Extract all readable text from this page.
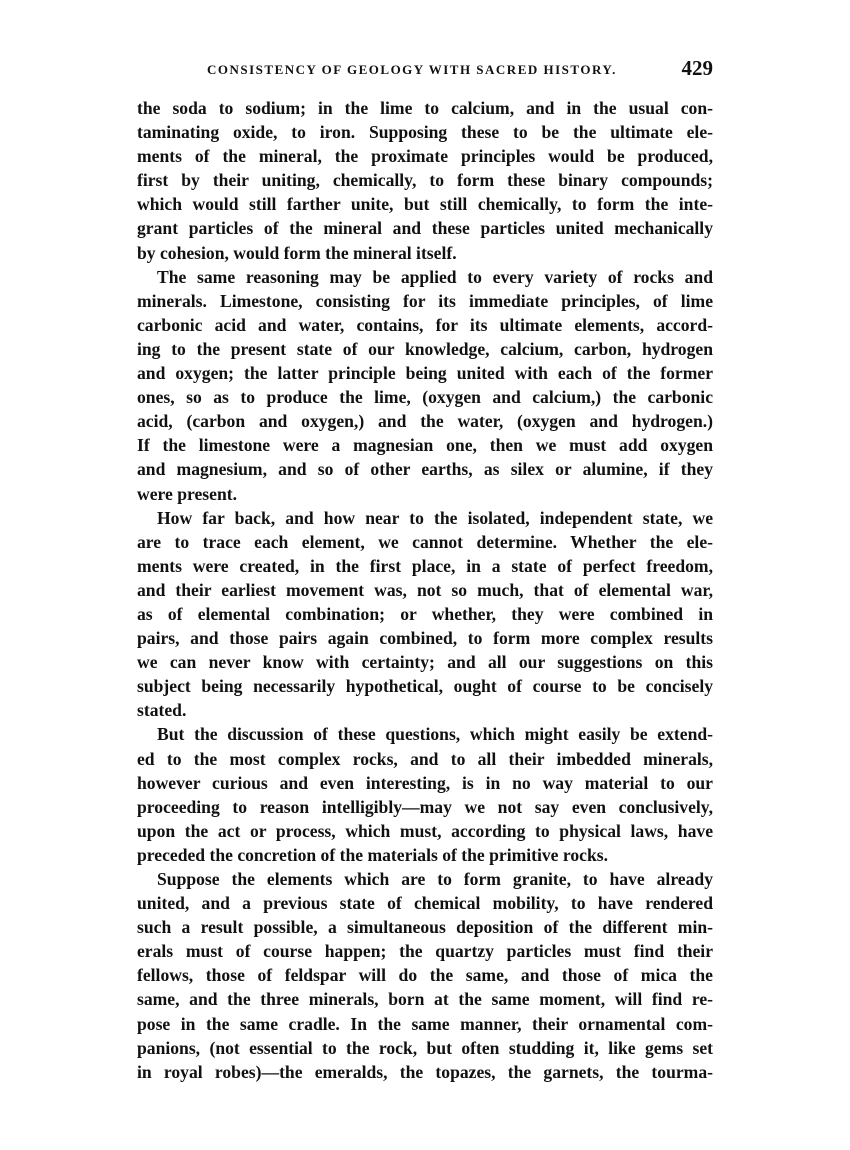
CONSISTENCY OF GEOLOGY WITH SACRED HISTORY.	429
the soda to sodium; in the lime to calcium, and in the usual con-
taminating oxide, to iron. Supposing these to be the ultimate ele-
ments of the mineral, the proximate principles would be produced,
first by their uniting, chemically, to form these binary compounds;
which would still farther unite, but still chemically, to form the inte-
grant particles of the mineral and these particles united mechanically
by cohesion, would form the mineral itself.
The same reasoning may be applied to every variety of rocks and
minerals. Limestone, consisting for its immediate principles, of lime
carbonic acid and water, contains, for its ultimate elements, accord-
ing to the present state of our knowledge, calcium, carbon, hydrogen
and oxygen; the latter principle being united with each of the former
ones, so as to produce the lime, (oxygen and calcium,) the carbonic
acid, (carbon and oxygen,) and the water, (oxygen and hydrogen.)
If the limestone were a magnesian one, then we must add oxygen
and magnesium, and so of other earths, as silex or alumine, if they
were present.
How far back, and how near to the isolated, independent state, we
are to trace each element, we cannot determine. Whether the ele-
ments were created, in the first place, in a state of perfect freedom,
and their earliest movement was, not so much, that of elemental war,
as of elemental combination; or whether, they were combined in
pairs, and those pairs again combined, to form more complex results
we can never know with certainty; and all our suggestions on this
subject being necessarily hypothetical, ought of course to be concisely
stated.
But the discussion of these questions, which might easily be extend-
ed to the most complex rocks, and to all their imbedded minerals,
however curious and even interesting, is in no way material to our
proceeding to reason intelligibly—may we not say even conclusively,
upon the act or process, which must, according to physical laws, have
preceded the concretion of the materials of the primitive rocks.
Suppose the elements which are to form granite, to have already
united, and a previous state of chemical mobility, to have rendered
such a result possible, a simultaneous deposition of the different min-
erals must of course happen; the quartzy particles must find their
fellows, those of feldspar will do the same, and those of mica the
same, and the three minerals, born at the same moment, will find re-
pose in the same cradle. In the same manner, their ornamental com-
panions, (not essential to the rock, but often studding it, like gems set
in royal robes)—the emeralds, the topazes, the garnets, the tourma-
